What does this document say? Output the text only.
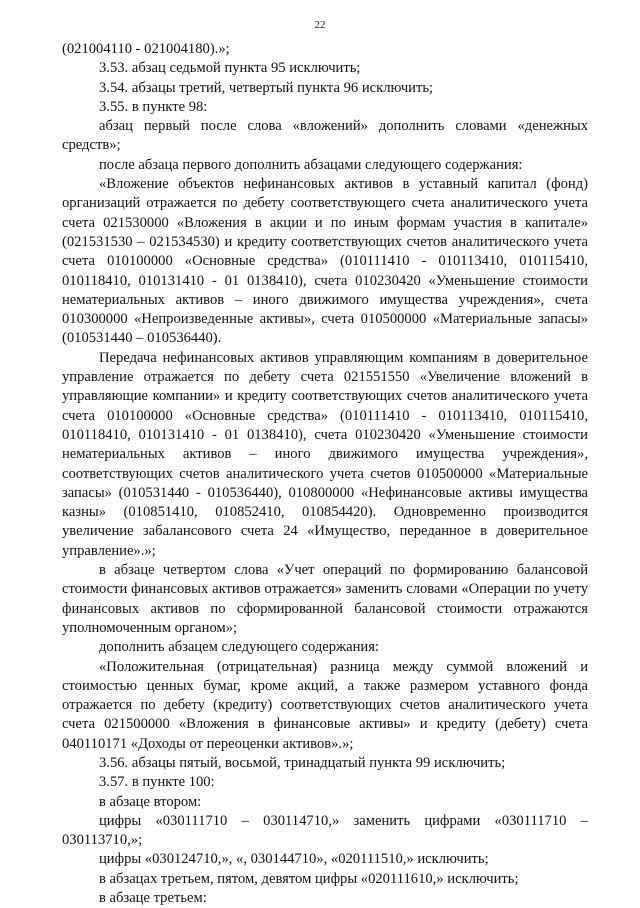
22

(021004110 - 021004180).»;

3.53. абзац седьмой пункта 95 исключить;

3.54. абзацы третий, четвертый пункта 96 исключить;

3.55. в пункте 98:

абзац первый после слова «вложений» дополнить словами «денежных средств»;

после абзаца первого дополнить абзацами следующего содержания:

«Вложение объектов нефинансовых активов в уставный капитал (фонд) организаций отражается по дебету соответствующего счета аналитического учета счета 021530000 «Вложения в акции и по иным формам участия в капитале» (021531530 – 021534530) и кредиту соответствующих счетов аналитического учета счета 010100000 «Основные средства» (010111410 - 010113410, 010115410, 010118410, 010131410 - 01 0138410), счета 010230420 «Уменьшение стоимости нематериальных активов – иного движимого имущества учреждения», счета 010300000 «Непроизведенные активы», счета 010500000 «Материальные запасы» (010531440 – 010536440).

Передача нефинансовых активов управляющим компаниям в доверительное управление отражается по дебету счета 021551550 «Увеличение вложений в управляющие компании» и кредиту соответствующих счетов аналитического учета счета 010100000 «Основные средства» (010111410 - 010113410, 010115410, 010118410, 010131410 - 01 0138410), счета 010230420 «Уменьшение стоимости нематериальных активов – иного движимого имущества учреждения», соответствующих счетов аналитического учета счетов 010500000 «Материальные запасы» (010531440 - 010536440), 010800000 «Нефинансовые активы имущества казны» (010851410, 010852410, 010854420). Одновременно производится увеличение забалансового счета 24 «Имущество, переданное в доверительное управление».»;

в абзаце четвертом слова «Учет операций по формированию балансовой стоимости финансовых активов отражается» заменить словами «Операции по учету финансовых активов по сформированной балансовой стоимости отражаются уполномоченным органом»;

дополнить абзацем следующего содержания:

«Положительная (отрицательная) разница между суммой вложений и стоимостью ценных бумаг, кроме акций, а также размером уставного фонда отражается по дебету (кредиту) соответствующих счетов аналитического учета счета 021500000 «Вложения в финансовые активы» и кредиту (дебету) счета 040110171 «Доходы от переоценки активов».»;

3.56. абзацы пятый, восьмой, тринадцатый пункта 99 исключить;

3.57. в пункте 100:

в абзаце втором:

цифры «030111710 – 030114710,» заменить цифрами «030111710 – 030113710,»;

цифры «030124710,», «, 030144710», «020111510,» исключить;

в абзацах третьем, пятом, девятом цифры «020111610,» исключить;

в абзаце третьем:
